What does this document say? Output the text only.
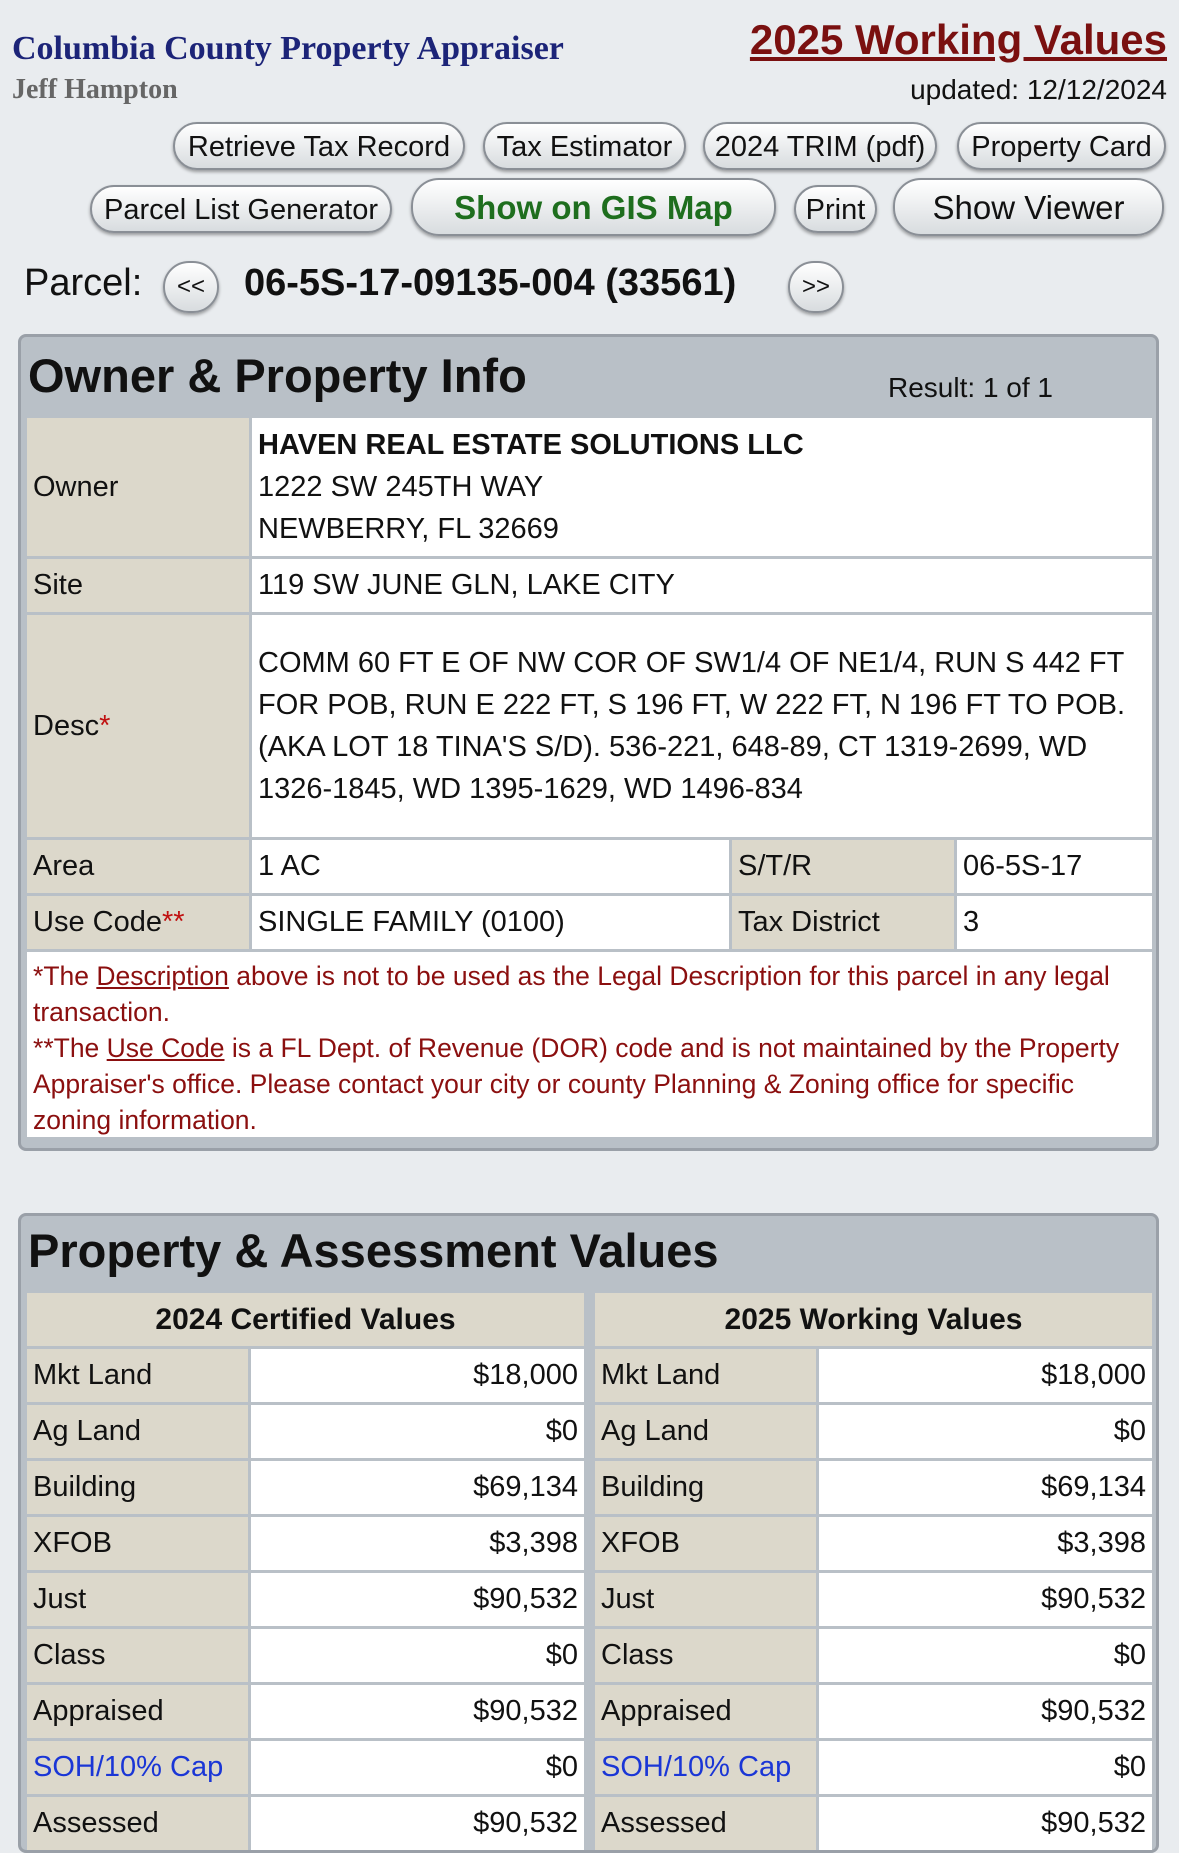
Columbia County Property Appraiser
Jeff Hampton
2025 Working Values
updated: 12/12/2024
Retrieve Tax Record	Tax Estimator	2024 TRIM (pdf)	Property Card
Parcel List Generator	Show on GIS Map	Print	Show Viewer
Parcel:	<<	06-5S-17-09135-004 (33561)	>>
Owner & Property Info	Result: 1 of 1
Owner	HAVEN REAL ESTATE SOLUTIONS LLC
1222 SW 245TH WAY
NEWBERRY, FL 32669		

Site	119 SW JUNE GLN, LAKE CITY		
Desc*	COMM 60 FT E OF NW COR OF SW1/4 OF NE1/4, RUN S 442 FT FOR POB, RUN E 222 FT, S 196 FT, W 222 FT, N 196 FT TO POB. (AKA LOT 18 TINA'S S/D). 536-221, 648-89, CT 1319-2699, WD 1326-1845, WD 1395-1629, WD 1496-834		
Area	1 AC	S/T/R	06-5S-17
Use Code**	SINGLE FAMILY (0100)	Tax District	3
*The Description above is not to be used as the Legal Description for this parcel in any legal transaction.
**The Use Code is a FL Dept. of Revenue (DOR) code and is not maintained by the Property Appraiser's office. Please contact your city or county Planning & Zoning office for specific zoning information.
Property & Assessment Values
2024 Certified Values	
Mkt Land	$18,000
Ag Land	$0
Building	$69,134
XFOB	$3,398
Just	$90,532
Class	$0
Appraised	$90,532
SOH/10% Cap	$0
Assessed	$90,532
2025 Working Values	
Mkt Land	$18,000
Ag Land	$0
Building	$69,134
XFOB	$3,398
Just	$90,532
Class	$0
Appraised	$90,532
SOH/10% Cap	$0
Assessed	$90,532
